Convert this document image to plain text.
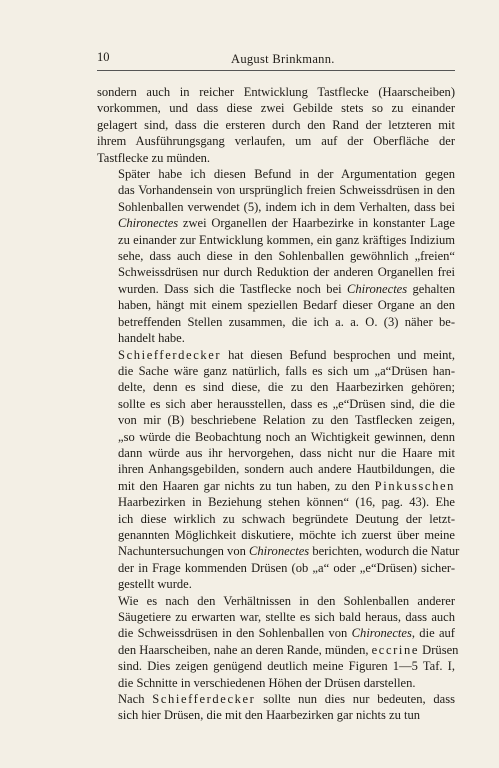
10	August Brinkmann.

sondern auch in reicher Entwicklung Tastflecke (Haarscheiben)
vorkommen, und dass diese zwei Gebilde stets so zu einander
gelagert sind, dass die ersteren durch den Rand der letzteren mit
ihrem Ausführungsgang verlaufen, um auf der Oberfläche der
Tastflecke zu münden.

Später habe ich diesen Befund in der Argumentation gegen
das Vorhandensein von ursprünglich freien Schweissdrüsen in den
Sohlenballen verwendet (5), indem ich in dem Verhalten, dass bei
Chironectes zwei Organellen der Haarbezirke in konstanter Lage
zu einander zur Entwicklung kommen, ein ganz kräftiges Indizium
sehe, dass auch diese in den Sohlenballen gewöhnlich „freien“
Schweissdrüsen nur durch Reduktion der anderen Organellen frei
wurden. Dass sich die Tastflecke noch bei Chironectes gehalten
haben, hängt mit einem speziellen Bedarf dieser Organe an den
betreffenden Stellen zusammen, die ich a. a. O. (3) näher be-
handelt habe.

Schiefferdecker hat diesen Befund besprochen und meint,
die Sache wäre ganz natürlich, falls es sich um „a“Drüsen han-
delte, denn es sind diese, die zu den Haarbezirken gehören;
sollte es sich aber herausstellen, dass es „e“Drüsen sind, die die
von mir (B) beschriebene Relation zu den Tastflecken zeigen,
„so würde die Beobachtung noch an Wichtigkeit gewinnen, denn
dann würde aus ihr hervorgehen, dass nicht nur die Haare mit
ihren Anhangsgebilden, sondern auch andere Hautbildungen, die
mit den Haaren gar nichts zu tun haben, zu den Pinkusschen
Haarbezirken in Beziehung stehen können“ (16, pag. 43). Ehe
ich diese wirklich zu schwach begründete Deutung der letzt-
genannten Möglichkeit diskutiere, möchte ich zuerst über meine
Nachuntersuchungen von Chironectes berichten, wodurch die Natur
der in Frage kommenden Drüsen (ob „a“ oder „e“Drüsen) sicher-
gestellt wurde.

Wie es nach den Verhältnissen in den Sohlenballen anderer
Säugetiere zu erwarten war, stellte es sich bald heraus, dass auch
die Schweissdrüsen in den Sohlenballen von Chironectes, die auf
den Haarscheiben, nahe an deren Rande, münden, eccrine Drüsen
sind. Dies zeigen genügend deutlich meine Figuren 1—5 Taf. I,
die Schnitte in verschiedenen Höhen der Drüsen darstellen.

Nach Schiefferdecker sollte nun dies nur bedeuten, dass
sich hier Drüsen, die mit den Haarbezirken gar nichts zu tun
